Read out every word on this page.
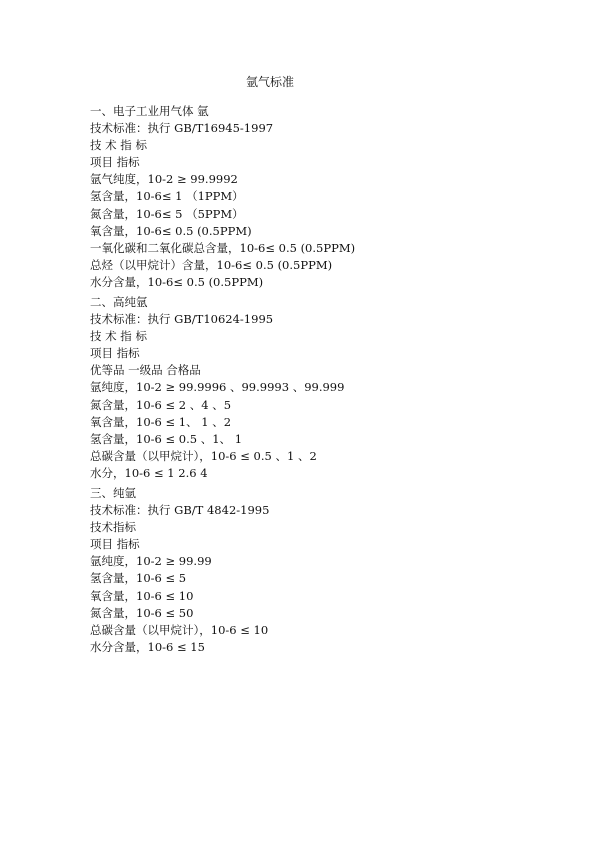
氩气标准
一、电子工业用气体 氩
技术标准：执行 GB/T16945-1997
技 术 指 标
项目 指标
氩气纯度，10-2 ≥ 99.9992
氢含量，10-6≤ 1 （1PPM）
氮含量，10-6≤ 5 （5PPM）
氧含量，10-6≤ 0.5 (0.5PPM)
一氧化碳和二氧化碳总含量，10-6≤ 0.5 (0.5PPM)
总烃（以甲烷计）含量，10-6≤ 0.5 (0.5PPM)
水分含量，10-6≤ 0.5 (0.5PPM)
二、高纯氩
技术标准：执行 GB/T10624-1995
技 术 指 标
项目 指标
优等品 一级品 合格品
氩纯度，10-2 ≥ 99.9996 、99.9993 、99.999
氮含量，10-6 ≤ 2 、4 、5
氧含量，10-6 ≤ 1、 1 、2
氢含量，10-6 ≤ 0.5 、1、 1
总碳含量（以甲烷计），10-6 ≤ 0.5 、1 、2
水分，10-6 ≤ 1 2.6 4
三、纯氩
技术标准：执行 GB/T 4842-1995
技术指标
项目 指标
氩纯度，10-2 ≥ 99.99
氢含量，10-6 ≤ 5
氧含量，10-6 ≤ 10
氮含量，10-6 ≤ 50
总碳含量（以甲烷计），10-6 ≤ 10
水分含量，10-6 ≤ 15
